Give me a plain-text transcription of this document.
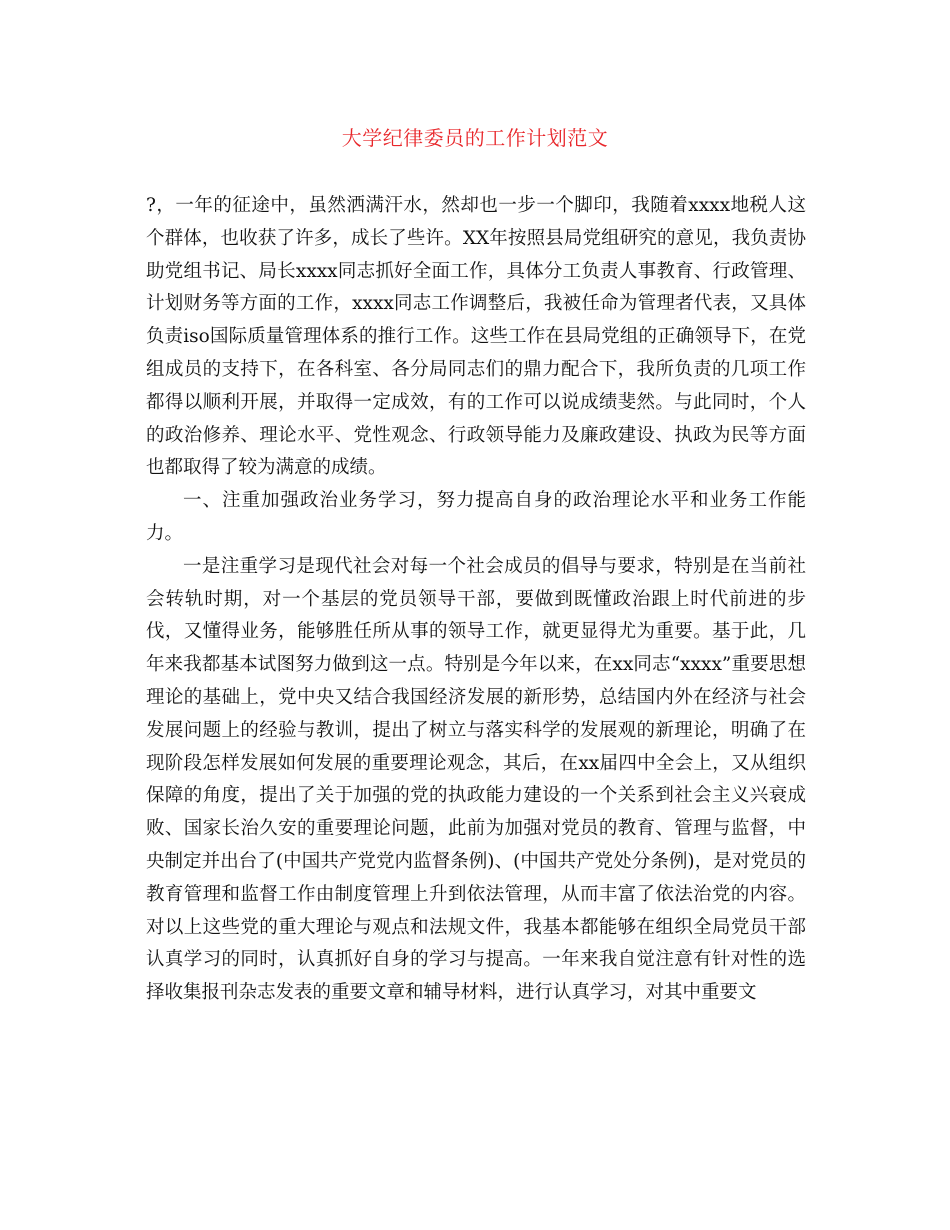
大学纪律委员的工作计划范文

?，一年的征途中，虽然洒满汗水，然却也一步一个脚印，我随着xxxx地税人这个群体，也收获了许多，成长了些许。XX年按照县局党组研究的意见，我负责协助党组书记、局长xxxx同志抓好全面工作，具体分工负责人事教育、行政管理、计划财务等方面的工作，xxxx同志工作调整后，我被任命为管理者代表，又具体负责iso国际质量管理体系的推行工作。这些工作在县局党组的正确领导下，在党组成员的支持下，在各科室、各分局同志们的鼎力配合下，我所负责的几项工作都得以顺利开展，并取得一定成效，有的工作可以说成绩斐然。与此同时，个人的政治修养、理论水平、党性观念、行政领导能力及廉政建设、执政为民等方面也都取得了较为满意的成绩。

一、注重加强政治业务学习，努力提高自身的政治理论水平和业务工作能力。

一是注重学习是现代社会对每一个社会成员的倡导与要求，特别是在当前社会转轨时期，对一个基层的党员领导干部，要做到既懂政治跟上时代前进的步伐，又懂得业务，能够胜任所从事的领导工作，就更显得尤为重要。基于此，几年来我都基本试图努力做到这一点。特别是今年以来，在xx同志“xxxx”重要思想理论的基础上，党中央又结合我国经济发展的新形势，总结国内外在经济与社会发展问题上的经验与教训，提出了树立与落实科学的发展观的新理论，明确了在现阶段怎样发展如何发展的重要理论观念，其后，在xx届四中全会上，又从组织保障的角度，提出了关于加强的党的执政能力建设的一个关系到社会主义兴衰成败、国家长治久安的重要理论问题，此前为加强对党员的教育、管理与监督，中央制定并出台了(中国共产党党内监督条例)、(中国共产党处分条例)，是对党员的教育管理和监督工作由制度管理上升到依法管理，从而丰富了依法治党的内容。对以上这些党的重大理论与观点和法规文件，我基本都能够在组织全局党员干部认真学习的同时，认真抓好自身的学习与提高。一年来我自觉注意有针对性的选择收集报刊杂志发表的重要文章和辅导材料，进行认真学习，对其中重要文
